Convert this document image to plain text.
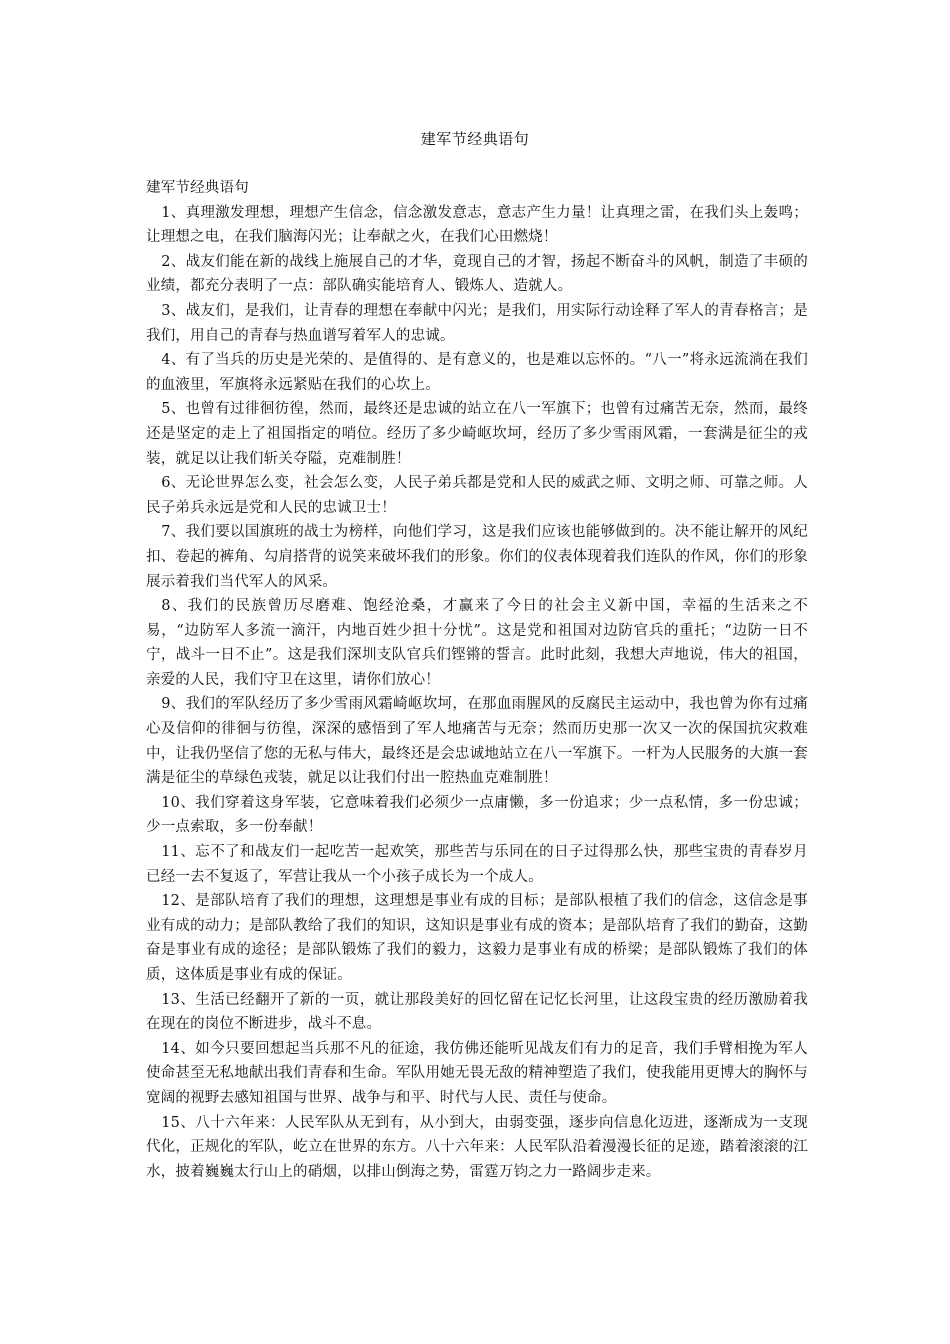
建军节经典语句

建军节经典语句

1、真理激发理想，理想产生信念，信念激发意志，意志产生力量！让真理之雷，在我们头上轰鸣；让理想之电，在我们脑海闪光；让奉献之火，在我们心田燃烧！

2、战友们能在新的战线上施展自己的才华，竟现自己的才智，扬起不断奋斗的风帆，制造了丰硕的业绩，都充分表明了一点：部队确实能培育人、锻炼人、造就人。

3、战友们，是我们，让青春的理想在奉献中闪光；是我们，用实际行动诠释了军人的青春格言；是我们，用自己的青春与热血谱写着军人的忠诚。

4、有了当兵的历史是光荣的、是值得的、是有意义的，也是难以忘怀的。“八一”将永远流淌在我们的血液里，军旗将永远紧贴在我们的心坎上。

5、也曾有过徘徊彷徨，然而，最终还是忠诚的站立在八一军旗下；也曾有过痛苦无奈，然而，最终还是坚定的走上了祖国指定的哨位。经历了多少崎岖坎坷，经历了多少雪雨风霜，一套满是征尘的戎装，就足以让我们斩关夺隘，克难制胜！

6、无论世界怎么变，社会怎么变，人民子弟兵都是党和人民的威武之师、文明之师、可靠之师。人民子弟兵永远是党和人民的忠诚卫士！

7、我们要以国旗班的战士为榜样，向他们学习，这是我们应该也能够做到的。决不能让解开的风纪扣、卷起的裤角、勾肩搭背的说笑来破坏我们的形象。你们的仪表体现着我们连队的作风，你们的形象展示着我们当代军人的风采。

8、我们的民族曾历尽磨难、饱经沧桑，才赢来了今日的社会主义新中国，幸福的生活来之不易，“边防军人多流一滴汗，内地百姓少担十分忧”。这是党和祖国对边防官兵的重托；“边防一日不宁，战斗一日不止”。这是我们深圳支队官兵们铿锵的誓言。此时此刻，我想大声地说，伟大的祖国，亲爱的人民，我们守卫在这里，请你们放心！

9、我们的军队经历了多少雪雨风霜崎岖坎坷，在那血雨腥风的反腐民主运动中，我也曾为你有过痛心及信仰的徘徊与彷徨，深深的感悟到了军人地痛苦与无奈；然而历史那一次又一次的保国抗灾救难中，让我仍坚信了您的无私与伟大，最终还是会忠诚地站立在八一军旗下。一杆为人民服务的大旗一套满是征尘的草绿色戎装，就足以让我们付出一腔热血克难制胜！

10、我们穿着这身军装，它意味着我们必须少一点庸懒，多一份追求；少一点私情，多一份忠诚；少一点索取，多一份奉献！

11、忘不了和战友们一起吃苦一起欢笑，那些苦与乐同在的日子过得那么快，那些宝贵的青春岁月已经一去不复返了，军营让我从一个小孩子成长为一个成人。

12、是部队培育了我们的理想，这理想是事业有成的目标；是部队根植了我们的信念，这信念是事业有成的动力；是部队教给了我们的知识，这知识是事业有成的资本；是部队培育了我们的勤奋，这勤奋是事业有成的途径；是部队锻炼了我们的毅力，这毅力是事业有成的桥梁；是部队锻炼了我们的体质，这体质是事业有成的保证。

13、生活已经翻开了新的一页，就让那段美好的回忆留在记忆长河里，让这段宝贵的经历激励着我在现在的岗位不断进步，战斗不息。

14、如今只要回想起当兵那不凡的征途，我仿佛还能听见战友们有力的足音，我们手臂相挽为军人使命甚至无私地献出我们青春和生命。军队用她无畏无敌的精神塑造了我们，使我能用更博大的胸怀与宽阔的视野去感知祖国与世界、战争与和平、时代与人民、责任与使命。

15、八十六年来：人民军队从无到有，从小到大，由弱变强，逐步向信息化迈进，逐渐成为一支现代化，正规化的军队，屹立在世界的东方。八十六年来：人民军队沿着漫漫长征的足迹，踏着滚滚的江水，披着巍巍太行山上的硝烟，以排山倒海之势，雷霆万钧之力一路阔步走来。
